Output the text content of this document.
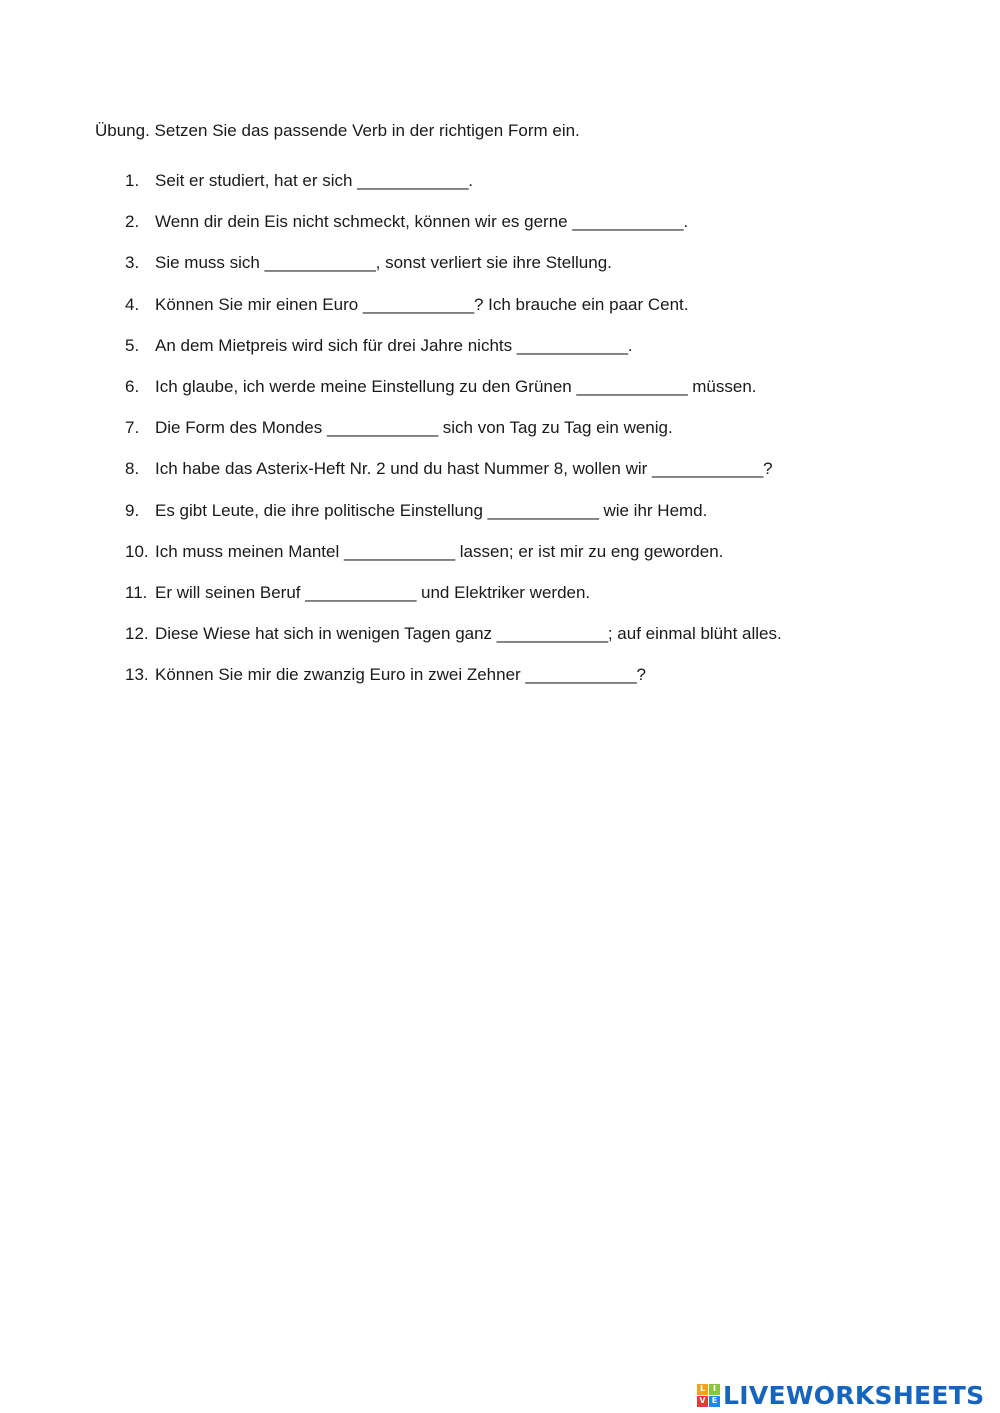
Übung. Setzen Sie das passende Verb in der richtigen Form ein.
1. Seit er studiert, hat er sich ____________.
2. Wenn dir dein Eis nicht schmeckt, können wir es gerne ____________.
3. Sie muss sich ____________, sonst verliert sie ihre Stellung.
4. Können Sie mir einen Euro ____________? Ich brauche ein paar Cent.
5. An dem Mietpreis wird sich für drei Jahre nichts ____________.
6. Ich glaube, ich werde meine Einstellung zu den Grünen ____________ müssen.
7. Die Form des Mondes ____________ sich von Tag zu Tag ein wenig.
8. Ich habe das Asterix-Heft Nr. 2 und du hast Nummer 8, wollen wir ____________?
9. Es gibt Leute, die ihre politische Einstellung ____________ wie ihr Hemd.
10. Ich muss meinen Mantel ____________ lassen; er ist mir zu eng geworden.
11. Er will seinen Beruf ____________ und Elektriker werden.
12. Diese Wiese hat sich in wenigen Tagen ganz ____________; auf einmal blüht alles.
13. Können Sie mir die zwanzig Euro in zwei Zehner ____________?
L I
V E LIVEWORKSHEETS
